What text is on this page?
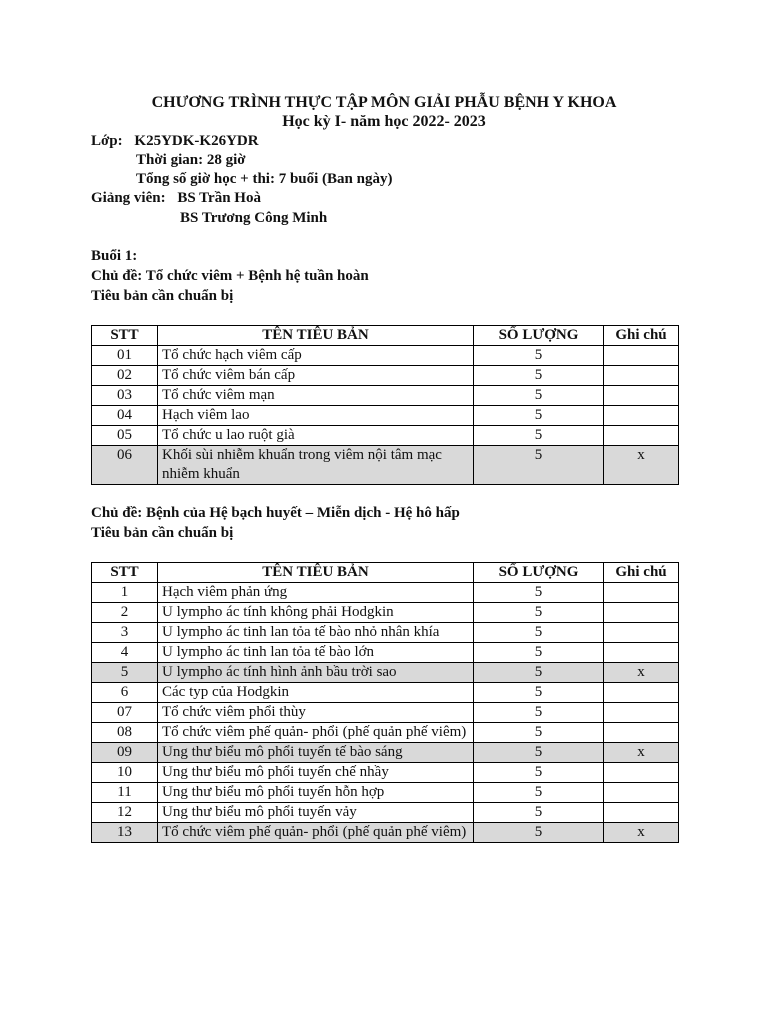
CHƯƠNG TRÌNH THỰC TẬP MÔN GIẢI PHẪU BỆNH Y KHOA
Học kỳ I- năm học 2022- 2023
Lớp: K25YDK-K26YDR
Thời gian: 28 giờ
Tổng số giờ học + thi: 7 buổi (Ban ngày)
Giảng viên: BS Trần Hoà
BS Trương Công Minh
Buổi 1:
Chủ đề: Tổ chức viêm + Bệnh hệ tuần hoàn
Tiêu bản cần chuẩn bị
STT	TÊN TIÊU BẢN	SỐ LƯỢNG	Ghi chú
01	Tổ chức hạch viêm cấp	5	
02	Tổ chức viêm bán cấp	5	
03	Tổ chức viêm mạn	5	
04	Hạch viêm lao	5	
05	Tổ chức u lao ruột già	5	
06	Khối sùi nhiễm khuẩn trong viêm nội tâm mạc nhiễm khuẩn	5	x
Chủ đề: Bệnh của Hệ bạch huyết – Miễn dịch - Hệ hô hấp
Tiêu bản cần chuẩn bị
STT	TÊN TIÊU BẢN	SỐ LƯỢNG	Ghi chú
1	Hạch viêm phản ứng	5	
2	U lympho ác tính không phải Hodgkin	5	
3	U lympho ác tinh lan tỏa tế bào nhỏ nhân khía	5	
4	U lympho ác tinh lan tỏa tế bào lớn	5	
5	U lympho ác tính hình ảnh bầu trời sao	5	x
6	Các typ của Hodgkin	5	
07	Tổ chức viêm phổi thùy	5	
08	Tổ chức viêm phế quản- phổi (phế quản phế viêm)	5	
09	Ung thư biểu mô phổi tuyến tế bào sáng	5	x
10	Ung thư biểu mô phổi tuyến chế nhầy	5	
11	Ung thư biểu mô phổi tuyến hỗn hợp	5	
12	Ung thư biểu mô phổi tuyến vảy	5	
13	Tổ chức viêm phế quản- phổi (phế quản phế viêm)	5	x
